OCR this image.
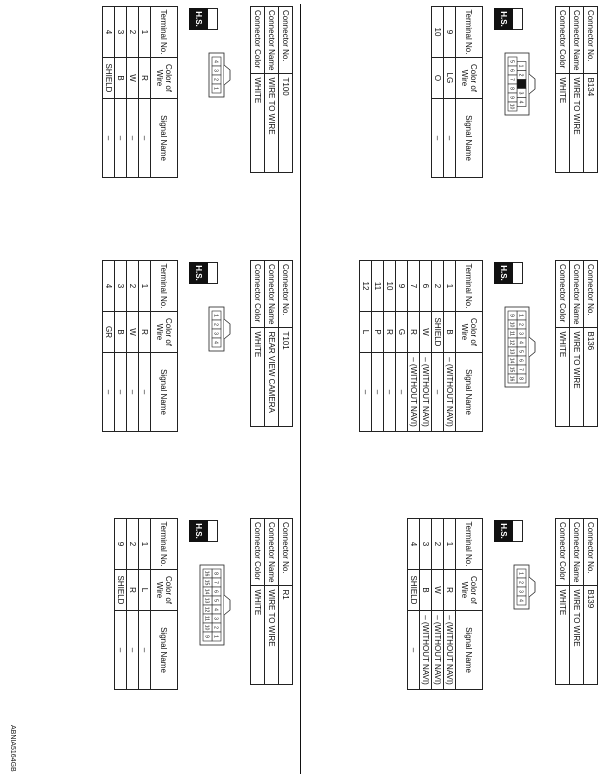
Connector No.	B134
Connector Name	WIRE TO WIRE
Connector Color	WHITE
H.S.
1
2
3
4
5
6
7
8
9
10
Terminal No.	Color of Wire	Signal Name
9	LG	–
10	O	–
Connector No.	B136
Connector Name	WIRE TO WIRE
Connector Color	WHITE
H.S.
1
2
3
4
5
6
7
8
9
10
11
12
13
14
15
16
Terminal No.	Color of Wire	Signal Name
1	B	– (WITHOUT NAVI)
2	SHIELD	–
6	W	– (WITHOUT NAVI)
7	R	– (WITHOUT NAVI)
9	G	–
10	R	–
11	P	–
12	L	–
Connector No.	B139
Connector Name	WIRE TO WIRE
Connector Color	WHITE
H.S.
1
2
3
4
Terminal No.	Color of Wire	Signal Name
1	R	– (WITHOUT NAVI)
2	W	– (WITHOUT NAVI)
3	B	– (WITHOUT NAVI)
4	SHIELD	–
Connector No.	T100
Connector Name	WIRE TO WIRE
Connector Color	WHITE
H.S.
4
3
2
1
Terminal No.	Color of Wire	Signal Name
1	R	–
2	W	–
3	B	–
4	SHIELD	–
Connector No.	T101
Connector Name	REAR VIEW CAMERA
Connector Color	WHITE
H.S.
1
2
3
4
Terminal No.	Color of Wire	Signal Name
1	R	–
2	W	–
3	B	–
4	GR	–
Connector No.	R1
Connector Name	WIRE TO WIRE
Connector Color	WHITE
H.S.
8
7
6
5
4
3
2
1
16
15
14
13
12
11
10
9
Terminal No.	Color of Wire	Signal Name
1	L	–
2	R	–
9	SHIELD	–
ABNIA5164GB
